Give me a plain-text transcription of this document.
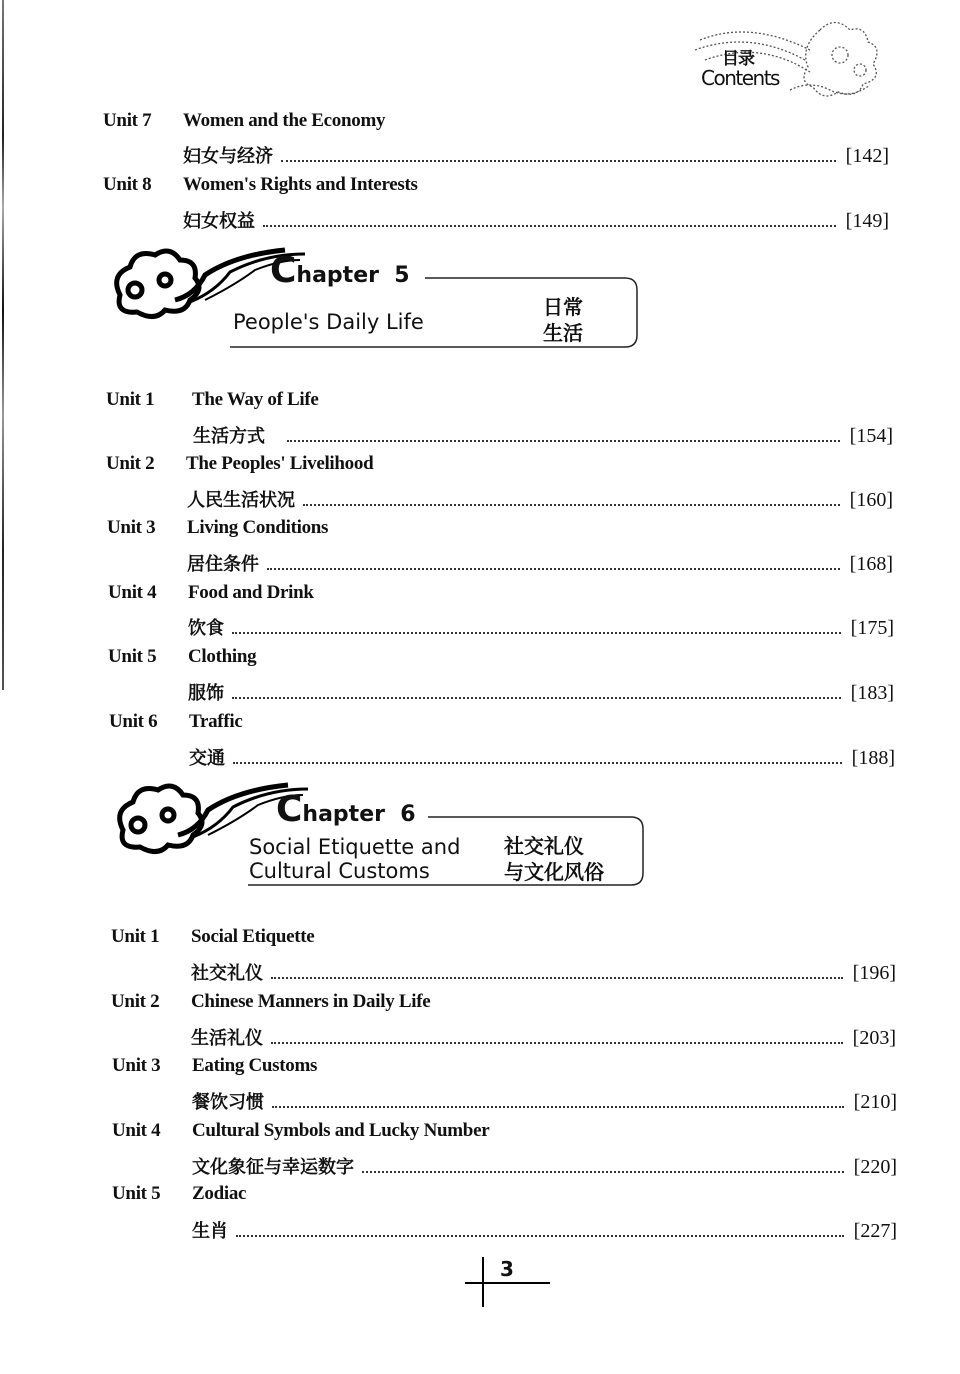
目录
Contents
Unit 7 Women and the Economy
妇女与经济	[142]
Unit 8 Women's Rights and Interests
妇女权益	[149]
Chapter 5
People's Daily Life
日常
生活
Unit 1 The Way of Life
生活方式	[154]
Unit 2 The Peoples' Livelihood
人民生活状况	[160]
Unit 3 Living Conditions
居住条件	[168]
Unit 4 Food and Drink
饮食	[175]
Unit 5 Clothing
服饰	[183]
Unit 6 Traffic
交通	[188]
Chapter 6
Social Etiquette and
Cultural Customs
社交礼仪
与文化风俗
Unit 1 Social Etiquette
社交礼仪	[196]
Unit 2 Chinese Manners in Daily Life
生活礼仪	[203]
Unit 3 Eating Customs
餐饮习惯	[210]
Unit 4 Cultural Symbols and Lucky Number
文化象征与幸运数字	[220]
Unit 5 Zodiac
生肖	[227]
3
